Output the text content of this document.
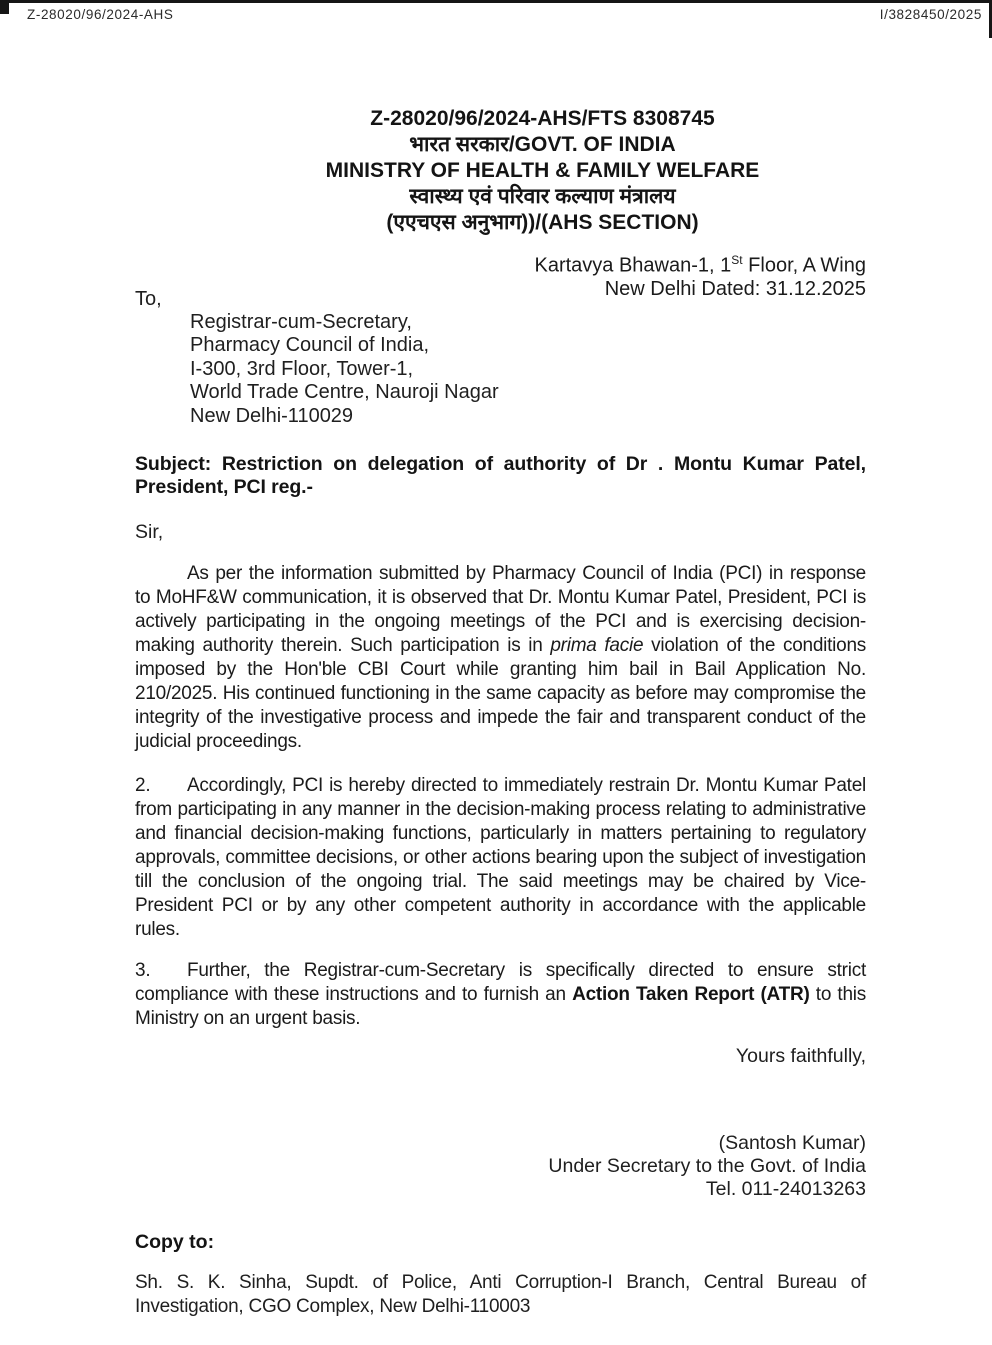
Z-28020/96/2024-AHS	I/3828450/2025
Z-28020/96/2024-AHS/FTS 8308745
भारत सरकार/GOVT. OF INDIA
MINISTRY OF HEALTH & FAMILY WELFARE
स्वास्थ्य एवं परिवार कल्याण मंत्रालय
(एएचएस अनुभाग))/(AHS SECTION)
Kartavya Bhawan-1, 1St Floor, A Wing
New Delhi Dated: 31.12.2025
To,
Registrar-cum-Secretary,
Pharmacy Council of India,
I-300, 3rd Floor, Tower-1,
World Trade Centre, Nauroji Nagar
New Delhi-110029
Subject: Restriction on delegation of authority of Dr . Montu Kumar Patel, President, PCI reg.-
Sir,

As per the information submitted by Pharmacy Council of India (PCI) in response to MoHF&W communication, it is observed that Dr. Montu Kumar Patel, President, PCI is actively participating in the ongoing meetings of the PCI and is exercising decision-making authority therein. Such participation is in prima facie violation of the conditions imposed by the Hon'ble CBI Court while granting him bail in Bail Application No. 210/2025. His continued functioning in the same capacity as before may compromise the integrity of the investigative process and impede the fair and transparent conduct of the judicial proceedings.

2. Accordingly, PCI is hereby directed to immediately restrain Dr. Montu Kumar Patel from participating in any manner in the decision-making process relating to administrative and financial decision-making functions, particularly in matters pertaining to regulatory approvals, committee decisions, or other actions bearing upon the subject of investigation till the conclusion of the ongoing trial. The said meetings may be chaired by Vice-President PCI or by any other competent authority in accordance with the applicable rules.

3. Further, the Registrar-cum-Secretary is specifically directed to ensure strict compliance with these instructions and to furnish an Action Taken Report (ATR) to this Ministry on an urgent basis.

Yours faithfully,
(Santosh Kumar)
Under Secretary to the Govt. of India
Tel. 011-24013263
Copy to:
Sh. S. K. Sinha, Supdt. of Police, Anti Corruption-I Branch, Central Bureau of Investigation, CGO Complex, New Delhi-110003
